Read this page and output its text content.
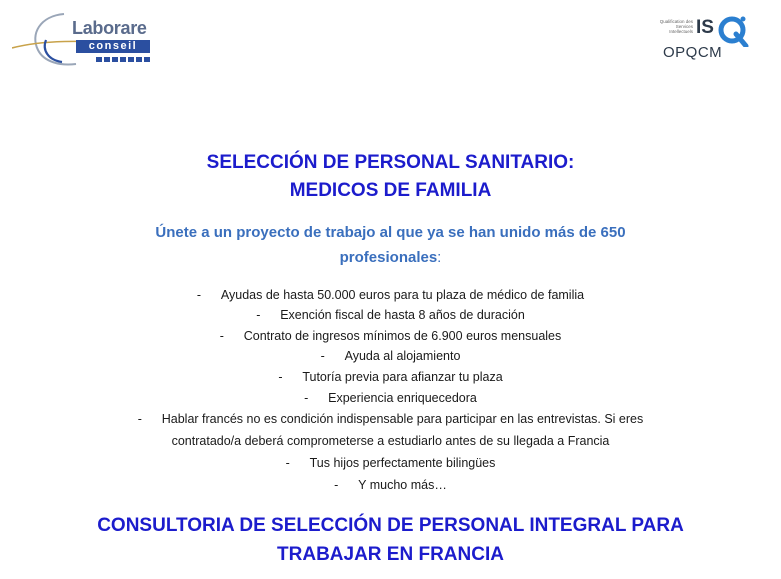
Laborare
conseil
Qualification des Services Intellectuels IS
OPQCM
SELECCIÓN DE PERSONAL SANITARIO:
MEDICOS DE FAMILIA
Únete a un proyecto de trabajo al que ya se han unido más de 650
profesionales:
- Ayudas de hasta 50.000 euros para tu plaza de médico de familia
- Exención fiscal de hasta 8 años de duración
- Contrato de ingresos mínimos de 6.900 euros mensuales
- Ayuda al alojamiento
- Tutoría previa para afianzar tu plaza
- Experiencia enriquecedora
- Hablar francés no es condición indispensable para participar en las entrevistas. Si eres
contratado/a deberá comprometerse a estudiarlo antes de su llegada a Francia
- Tus hijos perfectamente bilingües
- Y mucho más…
CONSULTORIA DE SELECCIÓN DE PERSONAL INTEGRAL PARA
TRABAJAR EN FRANCIA
